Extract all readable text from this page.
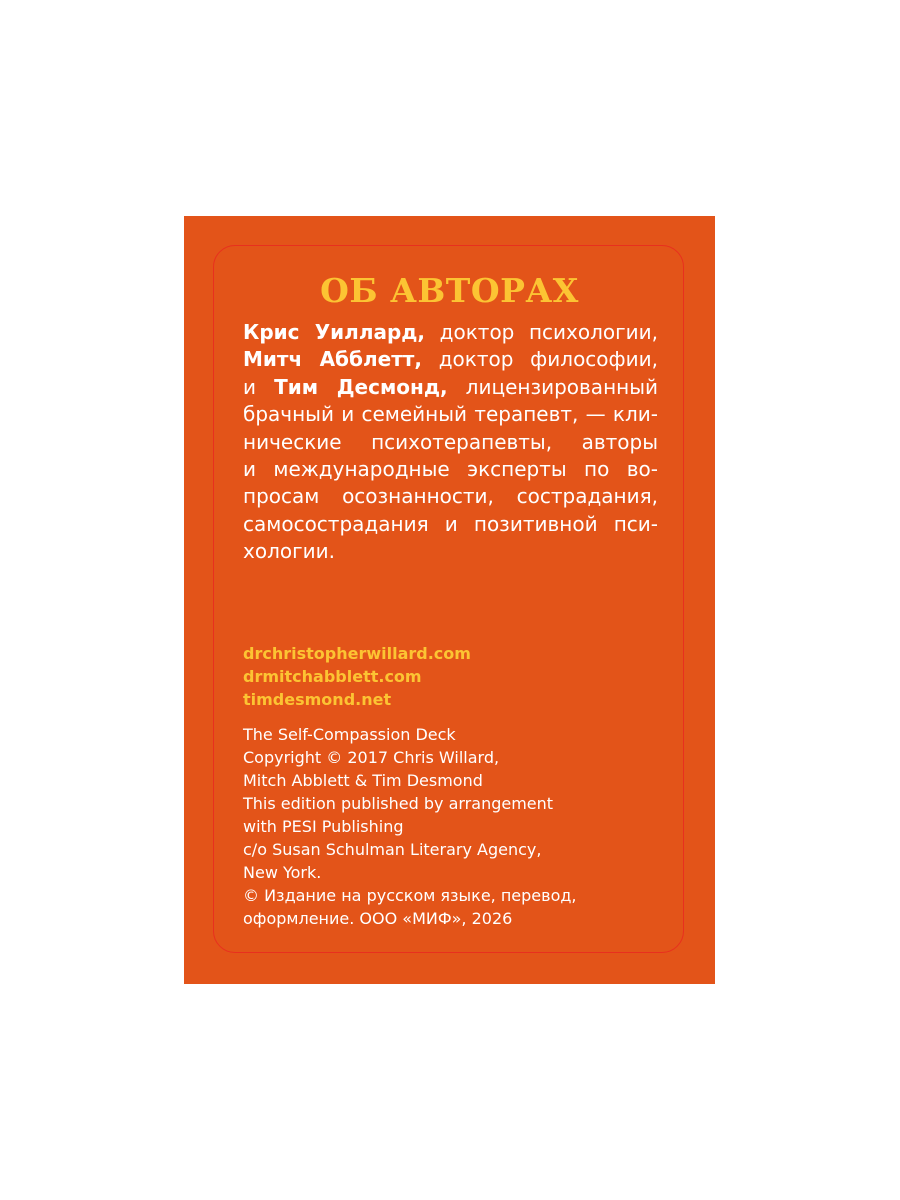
ОБ АВТОРАХ
Крис Уиллард, доктор психологии,
Митч Абблетт, доктор философии,
и Тим Десмонд, лицензированный
брачный и семейный терапевт, — кли-
нические психотерапевты, авторы
и международные эксперты по во-
просам осознанности, сострадания,
самосострадания и позитивной пси-
хологии.
drchristopherwillard.com
drmitchabblett.com
timdesmond.net
The Self-Compassion Deck
Copyright © 2017 Chris Willard,
Mitch Abblett & Tim Desmond
This edition published by arrangement
with PESI Publishing
c/o Susan Schulman Literary Agency,
New York.
© Издание на русском языке, перевод,
оформление. ООО «МИФ», 2026
